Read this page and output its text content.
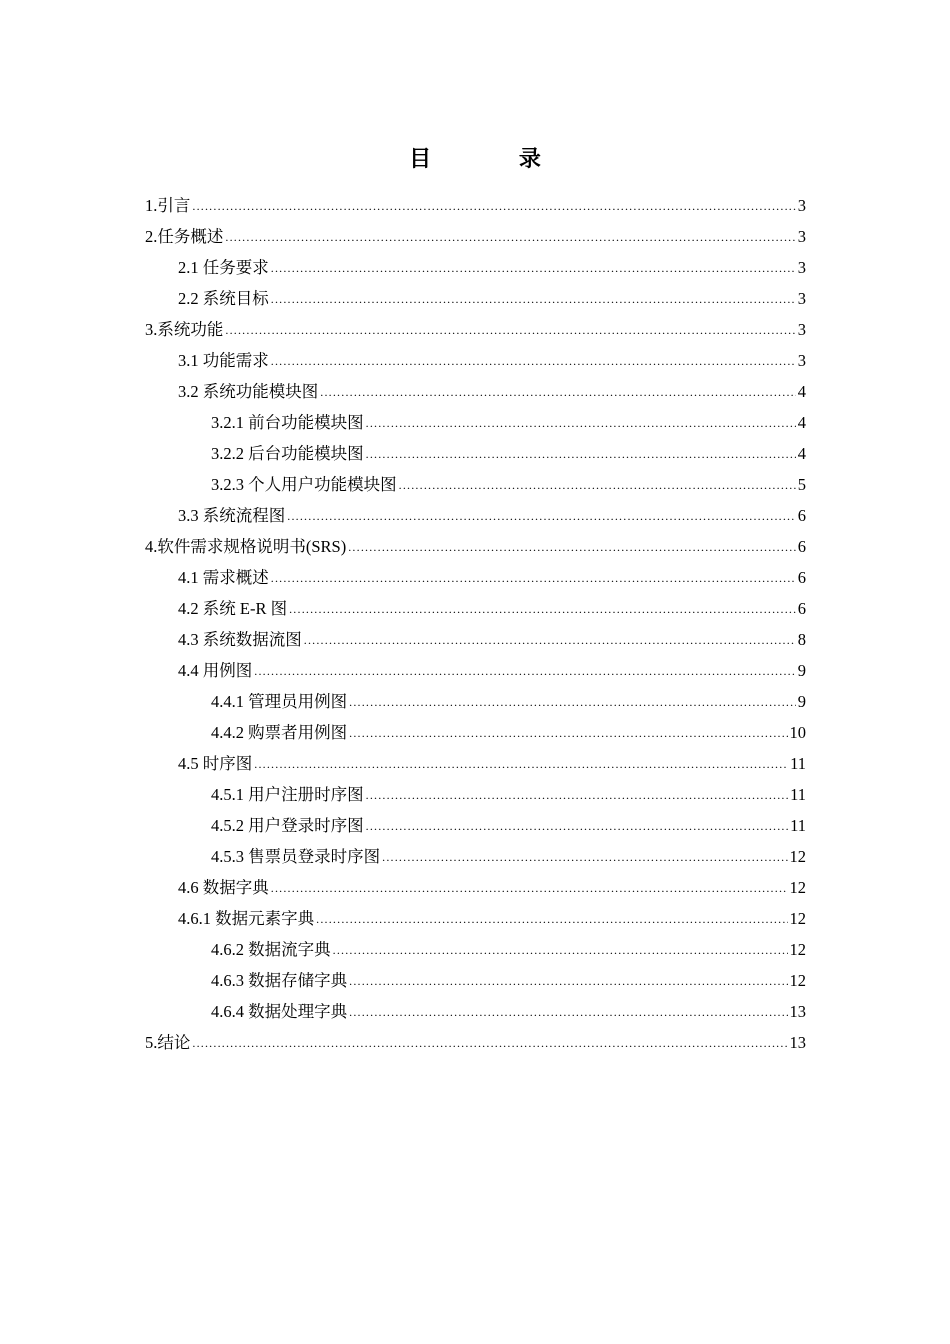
目 录
1.引言 .....	3
2.任务概述 .....	3
2.1 任务要求 .....	3
2.2 系统目标 .....	3
3.系统功能 .....	3
3.1 功能需求 .....	3
3.2 系统功能模块图 .....	4
3.2.1 前台功能模块图 .....	4
3.2.2 后台功能模块图 .....	4
3.2.3 个人用户功能模块图 .....	5
3.3 系统流程图 .....	6
4.软件需求规格说明书(SRS) .....	6
4.1 需求概述 .....	6
4.2 系统 E-R 图 .....	6
4.3 系统数据流图 .....	8
4.4 用例图 .....	9
4.4.1 管理员用例图 .....	9
4.4.2 购票者用例图 .....	10
4.5 时序图 .....	11
4.5.1 用户注册时序图 .....	11
4.5.2 用户登录时序图 .....	11
4.5.3 售票员登录时序图 .....	12
4.6 数据字典 .....	12
4.6.1 数据元素字典 .....	12
4.6.2 数据流字典 .....	12
4.6.3 数据存储字典 .....	12
4.6.4 数据处理字典 .....	13
5.结论 .....	13
